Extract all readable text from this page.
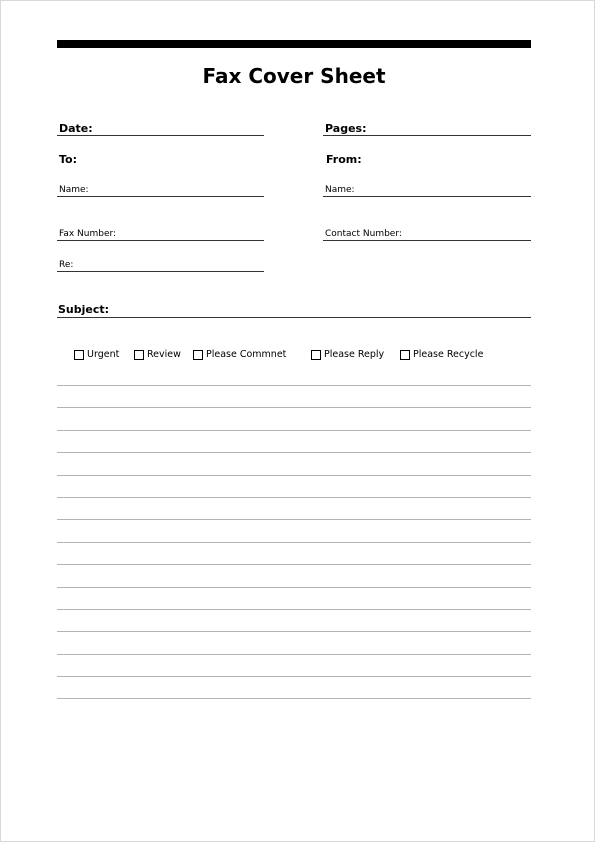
Fax Cover Sheet
Date:
To:
Name:
Fax Number:
Re:
Pages:
From:
Name:
Contact Number:
Subject:
Urgent	Review	Please Commnet	Please Reply	Please Recycle
